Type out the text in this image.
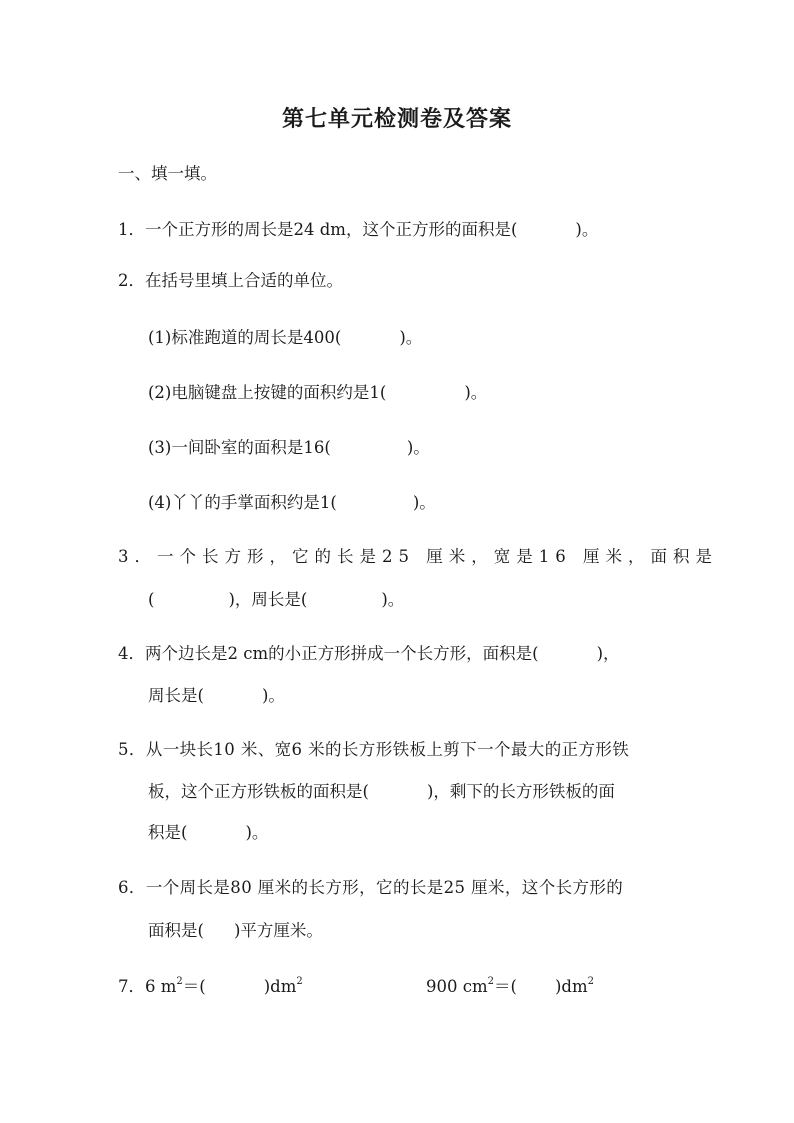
第七单元检测卷及答案
一、填一填。
1．一个正方形的周长是24 dm，这个正方形的面积是(	)。
2．在括号里填上合适的单位。
(1)标准跑道的周长是400(	)。
(2)电脑键盘上按键的面积约是1(	)。
(3)一间卧室的面积是16(	)。
(4)丫丫的手掌面积约是1(	)。
3．一个长方形，它的长是25 厘米，宽是16 厘米，面积是
(	)，周长是(	)。
4．两个边长是2 cm的小正方形拼成一个长方形，面积是(	)，
周长是(	)。
5．从一块长10 米、宽6 米的长方形铁板上剪下一个最大的正方形铁
板，这个正方形铁板的面积是(	)，剩下的长方形铁板的面
积是(	)。
6．一个周长是80 厘米的长方形，它的长是25 厘米，这个长方形的
面积是( )平方厘米。
7．6 $m^2=$(	)$dm^2$	900 $cm^2=$( )$dm^2$
